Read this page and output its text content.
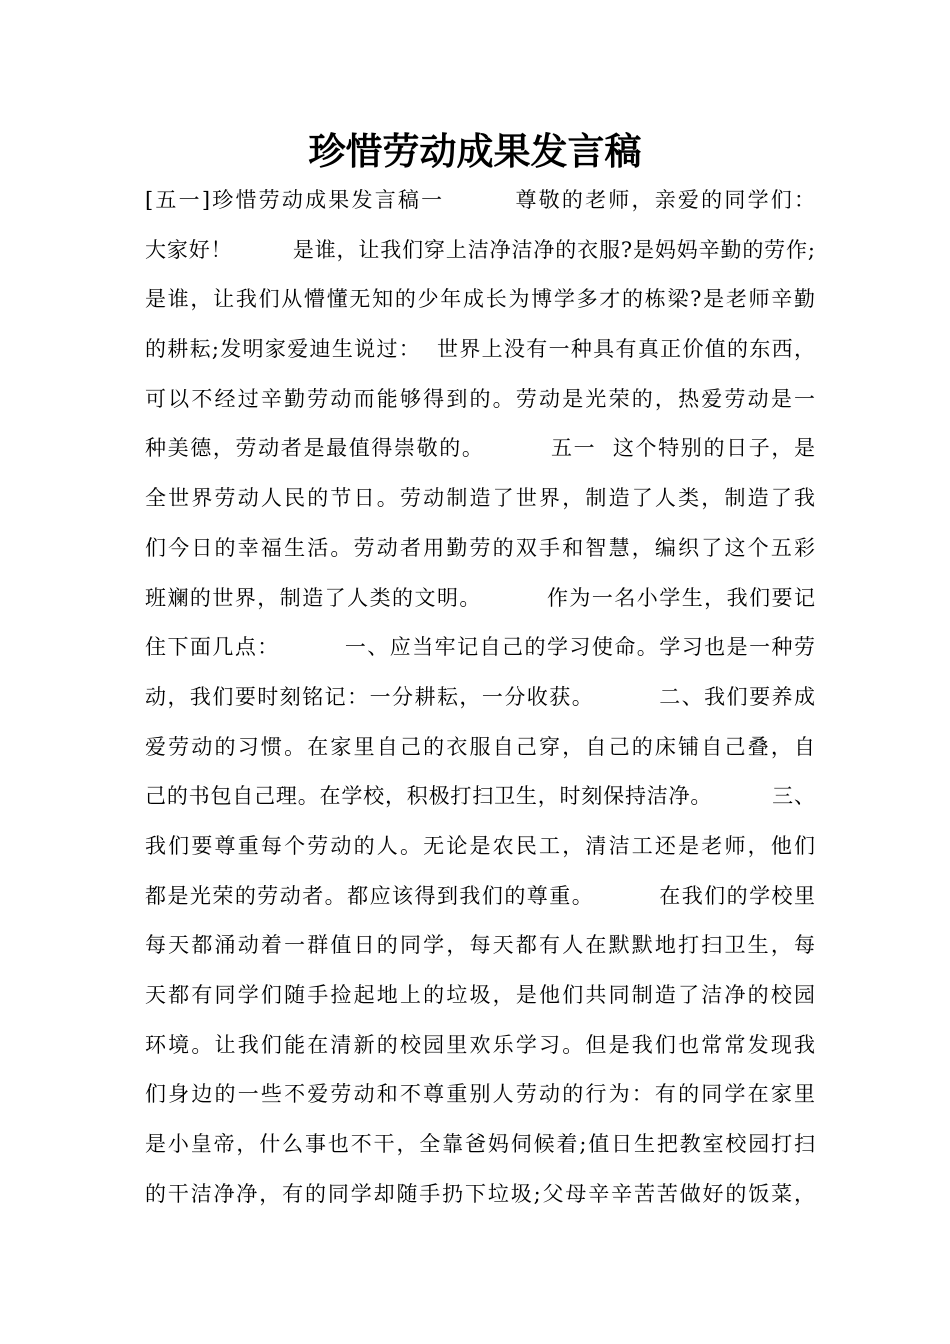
珍惜劳动成果发言稿
[五一]珍惜劳动成果发言稿一        尊敬的老师，亲爱的同学们：
大家好！        是谁，让我们穿上洁净洁净的衣服?是妈妈辛勤的劳作;
是谁，让我们从懵懂无知的少年成长为博学多才的栋梁?是老师辛勤
的耕耘;发明家爱迪生说过：  世界上没有一种具有真正价值的东西，
可以不经过辛勤劳动而能够得到的。劳动是光荣的，热爱劳动是一
种美德，劳动者是最值得崇敬的。        五一  这个特别的日子，是
全世界劳动人民的节日。劳动制造了世界，制造了人类，制造了我
们今日的幸福生活。劳动者用勤劳的双手和智慧，编织了这个五彩
班斓的世界，制造了人类的文明。        作为一名小学生，我们要记
住下面几点：        一、应当牢记自己的学习使命。学习也是一种劳
动，我们要时刻铭记：一分耕耘，一分收获。        二、我们要养成
爱劳动的习惯。在家里自己的衣服自己穿，自己的床铺自己叠，自
己的书包自己理。在学校，积极打扫卫生，时刻保持洁净。        三、
我们要尊重每个劳动的人。无论是农民工，清洁工还是老师，他们
都是光荣的劳动者。都应该得到我们的尊重。        在我们的学校里
每天都涌动着一群值日的同学，每天都有人在默默地打扫卫生，每
天都有同学们随手捡起地上的垃圾，是他们共同制造了洁净的校园
环境。让我们能在清新的校园里欢乐学习。但是我们也常常发现我
们身边的一些不爱劳动和不尊重别人劳动的行为：有的同学在家里
是小皇帝，什么事也不干，全靠爸妈伺候着;值日生把教室校园打扫
的干洁净净，有的同学却随手扔下垃圾;父母辛辛苦苦做好的饭菜，
